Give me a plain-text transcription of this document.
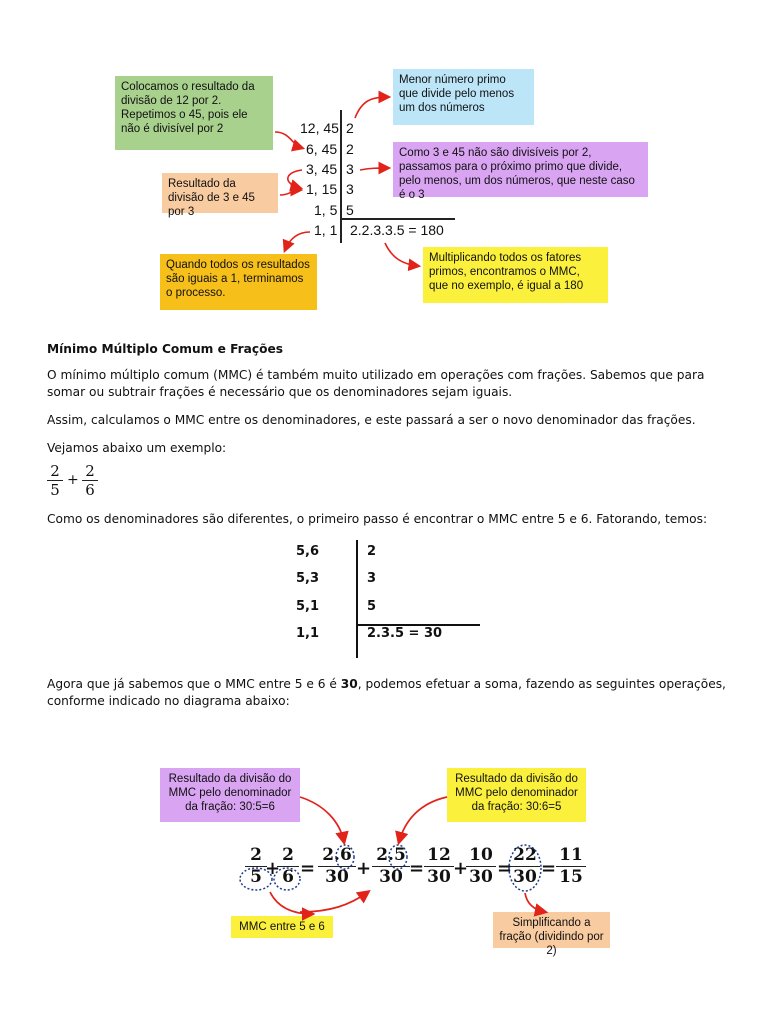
Colocamos o resultado da divisão de 12 por 2. Repetimos o 45, pois ele não é divisível por 2
Menor número primo que divide pelo menos um dos números
Resultado da divisão de 3 e 45 por 3
Como 3 e 45 não são divisíveis por 2, passamos para o próximo primo que divide, pelo menos, um dos números, que neste caso é o 3
Quando todos os resultados são iguais a 1, terminamos o processo.
Multiplicando todos os fatores primos, encontramos o MMC, que no exemplo, é igual a 180
12, 45
6, 45
3, 45
1, 15
1, 5
1, 1
2
2
3
3
5
2.2.3.3.5 = 180
Mínimo Múltiplo Comum e Frações
O mínimo múltiplo comum (MMC) é também muito utilizado em operações com frações. Sabemos que para somar ou subtrair frações é necessário que os denominadores sejam iguais.
Assim, calculamos o MMC entre os denominadores, e este passará a ser o novo denominador das frações.
Vejamos abaixo um exemplo:
2
5
+ 2
6
Como os denominadores são diferentes, o primeiro passo é encontrar o MMC entre 5 e 6. Fatorando, temos:
5,6
5,3
5,1
1,1
2
3
5
2.3.5 = 30
Agora que já sabemos que o MMC entre 5 e 6 é 30, podemos efetuar a soma, fazendo as seguintes operações, conforme indicado no diagrama abaixo:
Resultado da divisão do MMC pelo denominador da fração: 30:5=6
Resultado da divisão do MMC pelo denominador da fração: 30:6=5
MMC entre 5 e 6	Simplificando a fração (dividindo por 2)
2
5 +
2
6 =
2.6
30 +
2.5
30 =
12
30 +
10
30 =
22
30 =
11
15
